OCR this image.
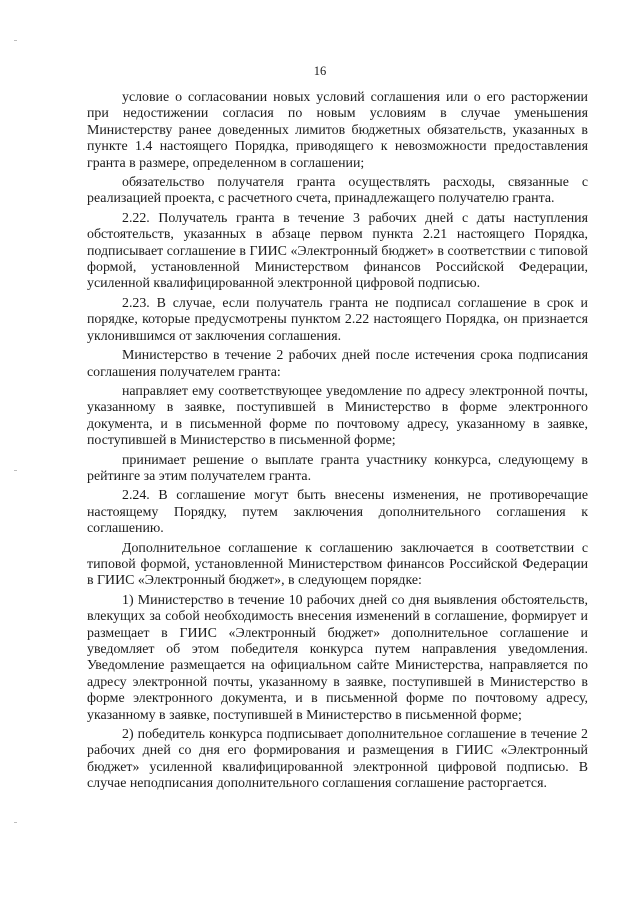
16

условие о согласовании новых условий соглашения или о его расторжении при недостижении согласия по новым условиям в случае уменьшения Министерству ранее доведенных лимитов бюджетных обязательств, указанных в пункте 1.4 настоящего Порядка, приводящего к невозможности предоставления гранта в размере, определенном в соглашении;

обязательство получателя гранта осуществлять расходы, связанные с реализацией проекта, с расчетного счета, принадлежащего получателю гранта.

2.22. Получатель гранта в течение 3 рабочих дней с даты наступления обстоятельств, указанных в абзаце первом пункта 2.21 настоящего Порядка, подписывает соглашение в ГИИС «Электронный бюджет» в соответствии с типовой формой, установленной Министерством финансов Российской Федерации, усиленной квалифицированной электронной цифровой подписью.

2.23. В случае, если получатель гранта не подписал соглашение в срок и порядке, которые предусмотрены пунктом 2.22 настоящего Порядка, он признается уклонившимся от заключения соглашения.

Министерство в течение 2 рабочих дней после истечения срока подписания соглашения получателем гранта:

направляет ему соответствующее уведомление по адресу электронной почты, указанному в заявке, поступившей в Министерство в форме электронного документа, и в письменной форме по почтовому адресу, указанному в заявке, поступившей в Министерство в письменной форме;

принимает решение о выплате гранта участнику конкурса, следующему в рейтинге за этим получателем гранта.

2.24. В соглашение могут быть внесены изменения, не противоречащие настоящему Порядку, путем заключения дополнительного соглашения к соглашению.

Дополнительное соглашение к соглашению заключается в соответствии с типовой формой, установленной Министерством финансов Российской Федерации в ГИИС «Электронный бюджет», в следующем порядке:

1) Министерство в течение 10 рабочих дней со дня выявления обстоятельств, влекущих за собой необходимость внесения изменений в соглашение, формирует и размещает в ГИИС «Электронный бюджет» дополнительное соглашение и уведомляет об этом победителя конкурса путем направления уведомления. Уведомление размещается на официальном сайте Министерства, направляется по адресу электронной почты, указанному в заявке, поступившей в Министерство в форме электронного документа, и в письменной форме по почтовому адресу, указанному в заявке, поступившей в Министерство в письменной форме;

2) победитель конкурса подписывает дополнительное соглашение в течение 2 рабочих дней со дня его формирования и размещения в ГИИС «Электронный бюджет» усиленной квалифицированной электронной цифровой подписью. В случае неподписания дополнительного соглашения соглашение расторгается.
